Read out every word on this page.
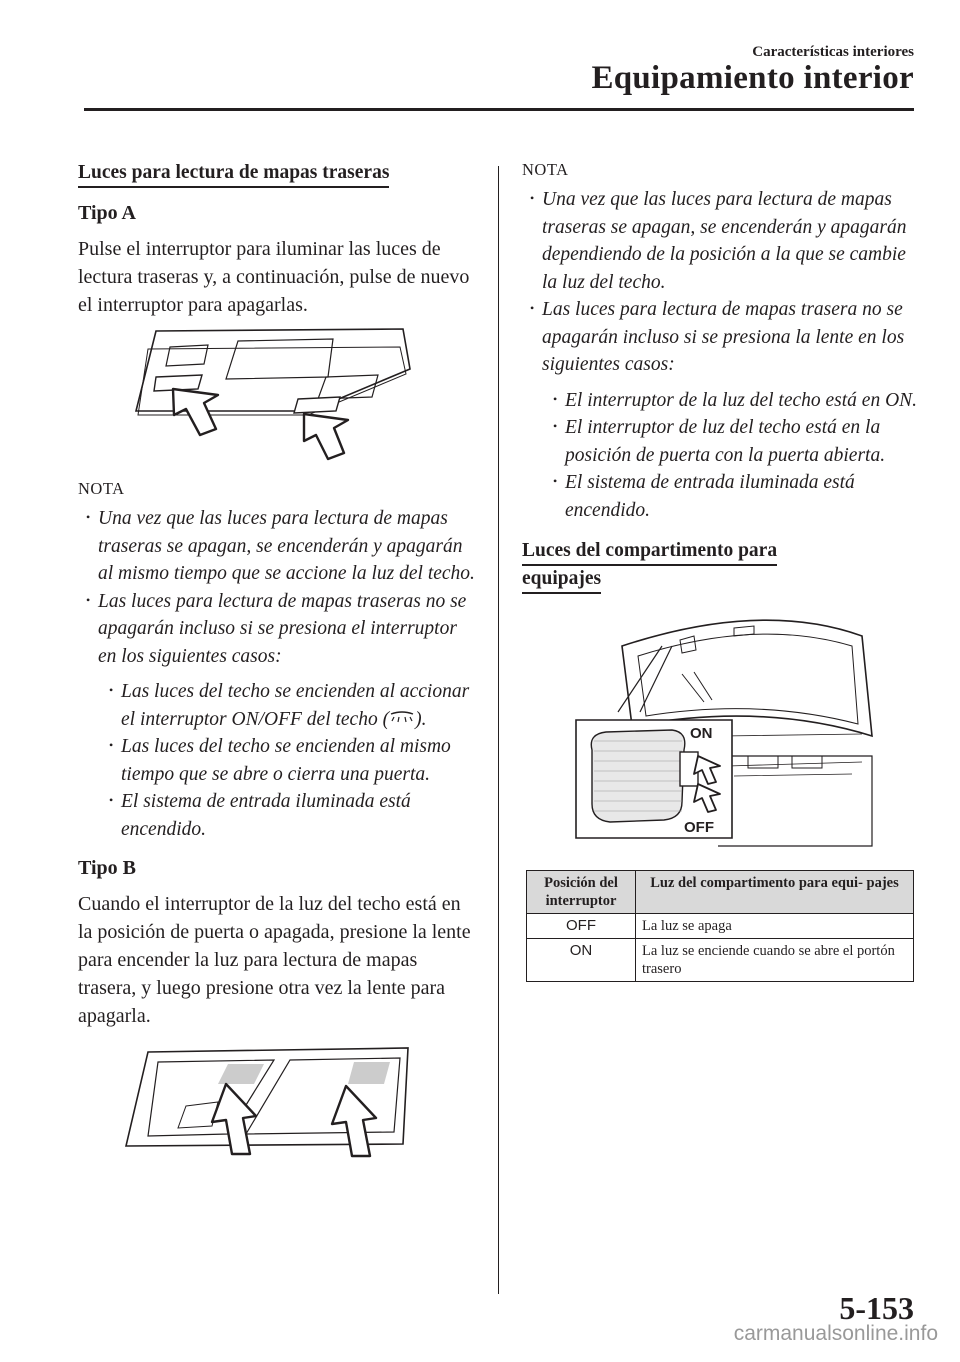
Características interiores
Equipamiento interior
Luces para lectura de mapas traseras
Tipo A
Pulse el interruptor para iluminar las luces de lectura traseras y, a continuación, pulse de nuevo el interruptor para apagarlas.
NOTA
• Una vez que las luces para lectura de mapas traseras se apagan, se encenderán y apagarán al mismo tiempo que se accione la luz del techo.
• Las luces para lectura de mapas traseras no se apagarán incluso si se presiona el interruptor en los siguientes casos:
• Las luces del techo se encienden al accionar el interruptor ON/OFF del techo ( ).
• Las luces del techo se encienden al mismo tiempo que se abre o cierra una puerta.
• El sistema de entrada iluminada está encendido.
Tipo B
Cuando el interruptor de la luz del techo está en la posición de puerta o apagada, presione la lente para encender la luz para lectura de mapas trasera, y luego presione otra vez la lente para apagarla.
NOTA
• Una vez que las luces para lectura de mapas traseras se apagan, se encenderán y apagarán dependiendo de la posición a la que se cambie la luz del techo.
• Las luces para lectura de mapas trasera no se apagarán incluso si se presiona la lente en los siguientes casos:
• El interruptor de la luz del techo está en ON.
• El interruptor de luz del techo está en la posición de puerta con la puerta abierta.
• El sistema de entrada iluminada está encendido.
Luces del compartimento para
equipajes
ON
OFF
Posición del interruptor	Luz del compartimento para equi- pajes
OFF	La luz se apaga
ON	La luz se enciende cuando se abre el portón trasero
5-153
carmanualsonline.info
